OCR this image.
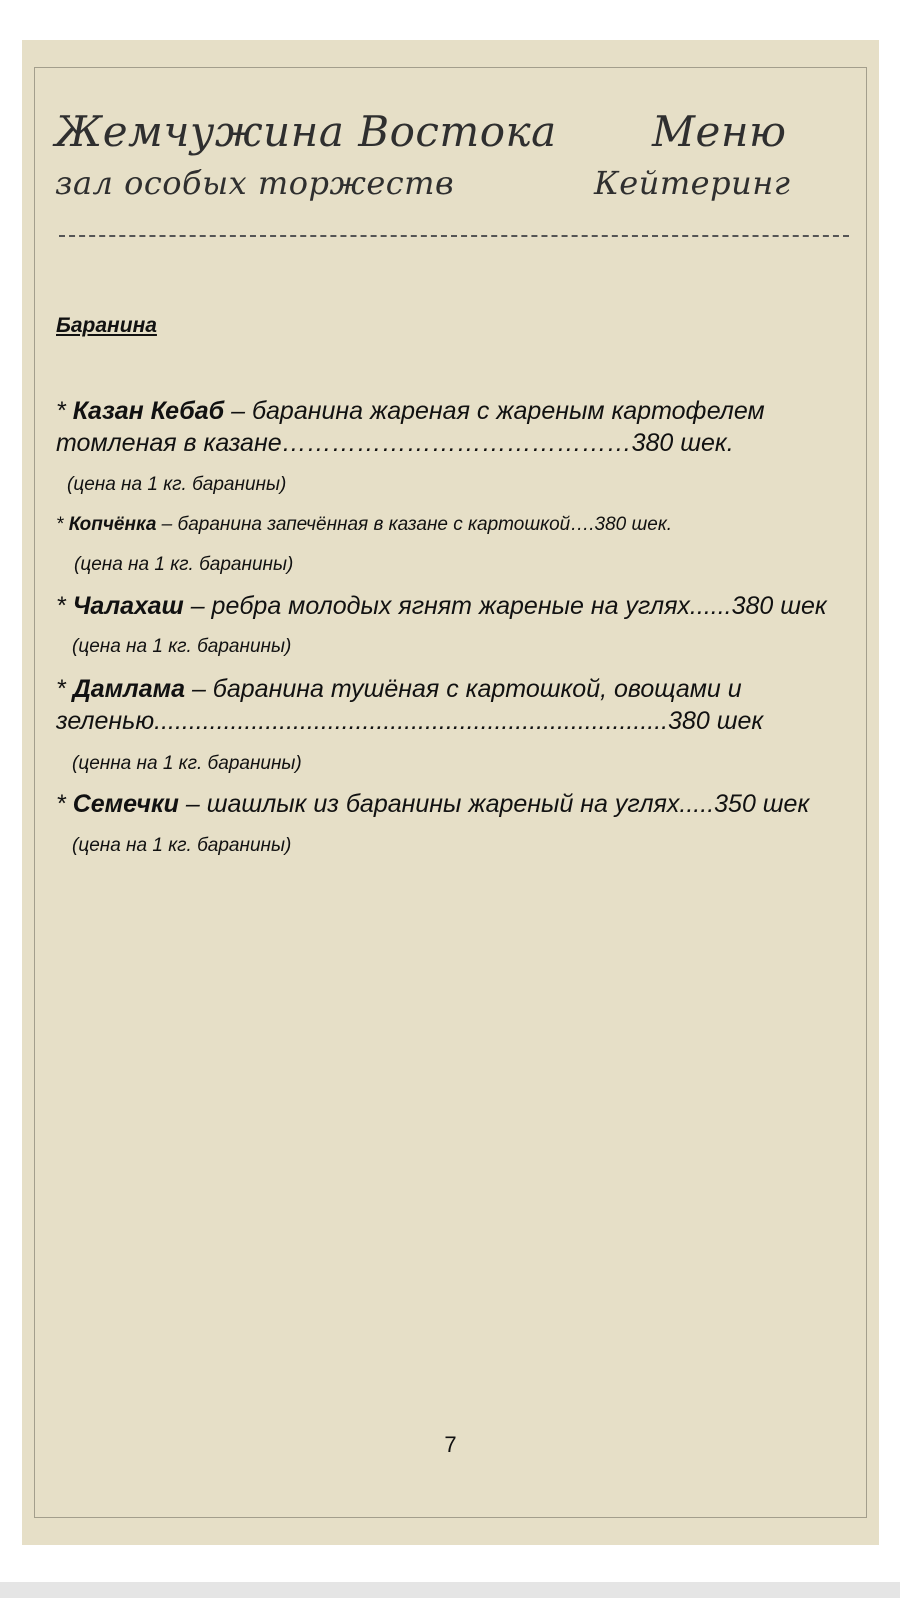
Жемчужина Востока
зал особых торжеств
Меню
Кейтеринг
Баранина
* Казан Кебаб – баранина жареная с жареным картофелем томленая в казане……………………………………380 шек.
(цена на 1 кг. баранины)
* Копчёнка – баранина запечённая в казане с картошкой….380 шек.
(цена на 1 кг. баранины)
* Чалахаш – ребра молодых ягнят жареные на углях......380 шек
(цена на 1 кг. баранины)
* Дамлама – баранина тушёная с картошкой, овощами и зеленью..........................................................................380 шек
(ценна на 1 кг. баранины)
* Семечки – шашлык из баранины жареный на углях.....350 шек
(цена на 1 кг. баранины)
7
